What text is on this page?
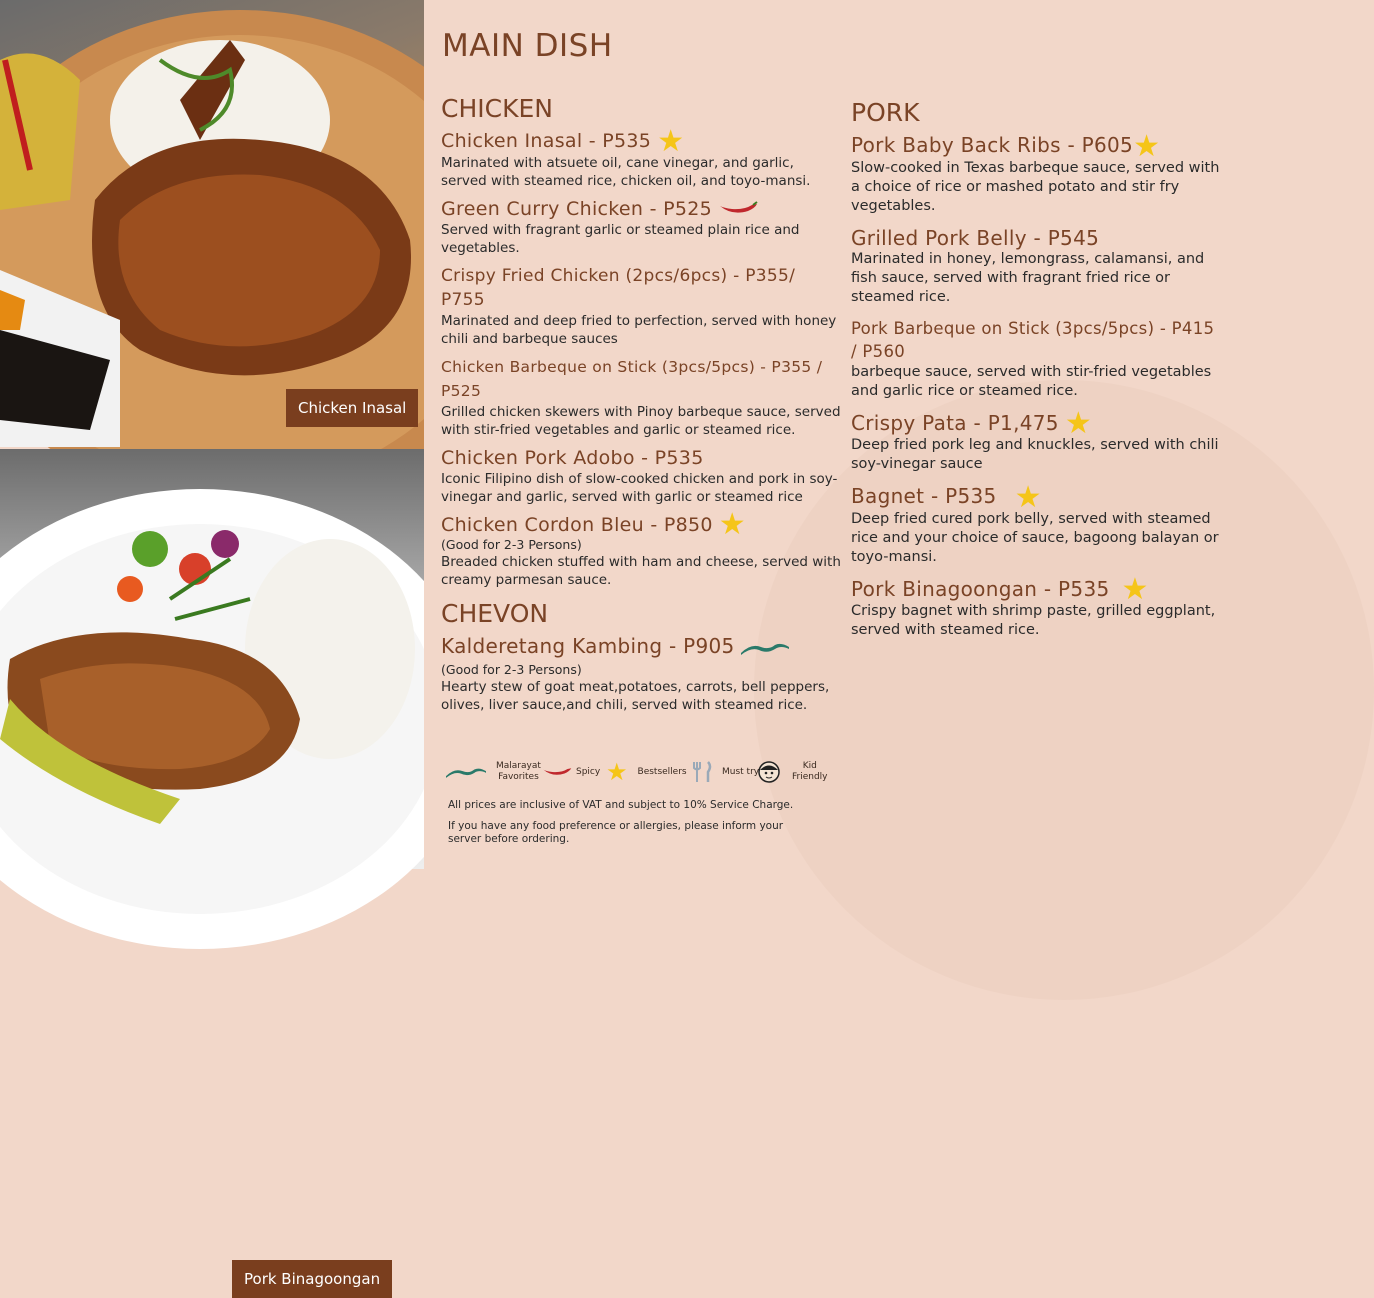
Chicken Inasal
Pork Binagoongan
MAIN DISH
CHICKEN
Chicken Inasal - P535 ★
Marinated with atsuete oil, cane vinegar, and garlic, served with steamed rice, chicken oil, and toyo-mansi.
Green Curry Chicken - P525
Served with fragrant garlic or steamed plain rice and vegetables.
Crispy Fried Chicken (2pcs/6pcs) - P355/ P755
Marinated and deep fried to perfection, served with honey chili and barbeque sauces
Chicken Barbeque on Stick (3pcs/5pcs) - P355 / P525
Grilled chicken skewers with Pinoy barbeque sauce, served with stir-fried vegetables and garlic or steamed rice.
Chicken Pork Adobo - P535
Iconic Filipino dish of slow-cooked chicken and pork in soy-vinegar and garlic, served with garlic or steamed rice
Chicken Cordon Bleu - P850 ★
(Good for 2-3 Persons)
Breaded chicken stuffed with ham and cheese, served with creamy parmesan sauce.
CHEVON
Kalderetang Kambing - P905
(Good for 2-3 Persons)
Hearty stew of goat meat,potatoes, carrots, bell peppers, olives, liver sauce,and chili, served with steamed rice.
PORK
Pork Baby Back Ribs - P605★
Slow-cooked in Texas barbeque sauce, served with a choice of rice or mashed potato and stir fry vegetables.
Grilled Pork Belly - P545
Marinated in honey, lemongrass, calamansi, and fish sauce, served with fragrant fried rice or steamed rice.
Pork Barbeque on Stick (3pcs/5pcs) - P415 / P560
barbeque sauce, served with stir-fried vegetables and garlic rice or steamed rice.
Crispy Pata - P1,475 ★
Deep fried pork leg and knuckles, served with chili soy-vinegar sauce
Bagnet - P535 ★
Deep fried cured pork belly, served with steamed rice and your choice of sauce, bagoong balayan or toyo-mansi.
Pork Binagoongan - P535 ★
Crispy bagnet with shrimp paste, grilled eggplant, served with steamed rice.
Malarayat
Favorites	Spicy ★ Bestsellers	Must try
Kid
Friendly
All prices are inclusive of VAT and subject to 10% Service Charge.
If you have any food preference or allergies, please inform your server before ordering.
